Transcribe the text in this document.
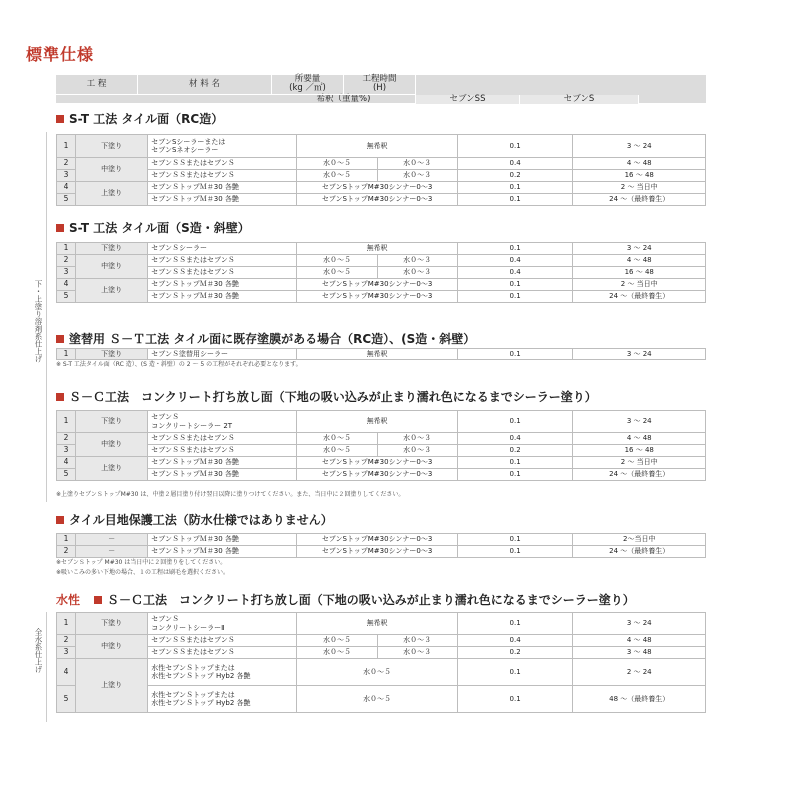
標準仕様
工 程	材 料 名
希釈（重量%)
所要量
(kg ／㎡)
工程時間
(H)
セブンSS	セブンS
下・上塗り溶剤系仕上げ
全水系仕上げ
S-T 工法 タイル面（RC造）
1	下塗り	セブンSシーラーまたは
セブンSネオシーラー	無希釈		0.1	3 ～ 24
2	中塗り	セブンＳＳまたはセブンＳ	水０～５	水０～３	0.4	4 ～ 48
3		セブンＳＳまたはセブンＳ	水０～５	水０～３	0.2	16 ～ 48
4	上塗り	セブンＳトップＭ＃30 各艶	セブンSトップM#30シンナー0～3		0.1	2 ～ 当日中
5		セブンＳトップＭ＃30 各艶	セブンSトップM#30シンナー0～3		0.1	24 ～（最終養生）
S-T 工法 タイル面（S造・斜壁）
1	下塗り	セブンＳシーラー	無希釈		0.1	3 ～ 24
2	中塗り	セブンＳＳまたはセブンＳ	水０～５	水０～３	0.4	4 ～ 48
3		セブンＳＳまたはセブンＳ	水０～５	水０～３	0.4	16 ～ 48
4	上塗り	セブンＳトップＭ＃30 各艶	セブンSトップM#30シンナー0～3		0.1	2 ～ 当日中
5		セブンＳトップＭ＃30 各艶	セブンSトップM#30シンナー0～3		0.1	24 ～（最終養生）
塗替用 Ｓ－Ｔ工法 タイル面に既存塗膜がある場合（RC造）、(S造・斜壁）
1	下塗り	セブンＳ塗替用シーラー	無希釈	0.1	3 ～ 24
※ S-T 工法タイル面（RC 造）、(S 造・斜壁）の 2 ～ 5 の工程がそれぞれ必要となります。
Ｓ－Ｃ工法　コンクリート打ち放し面（下地の吸い込みが止まり濡れ色になるまでシーラー塗り）
1	下塗り	セブンＳ
コンクリートシーラー 2T	無希釈		0.1	3 ～ 24
2	中塗り	セブンＳＳまたはセブンＳ	水０～５	水０～３	0.4	4 ～ 48
3		セブンＳＳまたはセブンＳ	水０～５	水０～３	0.2	16 ～ 48
4	上塗り	セブンＳトップＭ＃30 各艶	セブンSトップM#30シンナー0～3		0.1	2 ～ 当日中
5		セブンＳトップＭ＃30 各艶	セブンSトップM#30シンナー0～3		0.1	24 ～（最終養生）
※上塗りセブンＳトップM#30 は、中塗２層目塗り付け翌日以降に塗りつけてください。また、当日中に２回塗りしてください。
タイル目地保護工法（防水仕様ではありません）
1	－	セブンＳトップＭ＃30 各艶	セブンSトップM#30シンナー0～3	0.1	2～当日中
2	－	セブンＳトップＭ＃30 各艶	セブンSトップM#30シンナー0～3	0.1	24 ～（最終養生）
※セブンＳトップ M#30 は当日中に２回塗りをしてください。
※吸いこみの多い下地の場合、１の工程は刷毛を選択ください。
水性 Ｓ－Ｃ工法　コンクリート打ち放し面（下地の吸い込みが止まり濡れ色になるまでシーラー塗り）
1	下塗り	セブンＳ
コンクリートシーラーⅡ	無希釈		0.1	3 ～ 24
2	中塗り	セブンＳＳまたはセブンＳ	水０～５	水０～３	0.4	4 ～ 48
3		セブンＳＳまたはセブンＳ	水０～５	水０～３	0.2	3 ～ 48
4	上塗り	水性セブンＳトップまたは
水性セブンＳトップ Hyb2 各艶	水０～５		0.1	2 ～ 24
5		水性セブンＳトップまたは
水性セブンＳトップ Hyb2 各艶	水０～５		0.1	48 ～（最終養生）
